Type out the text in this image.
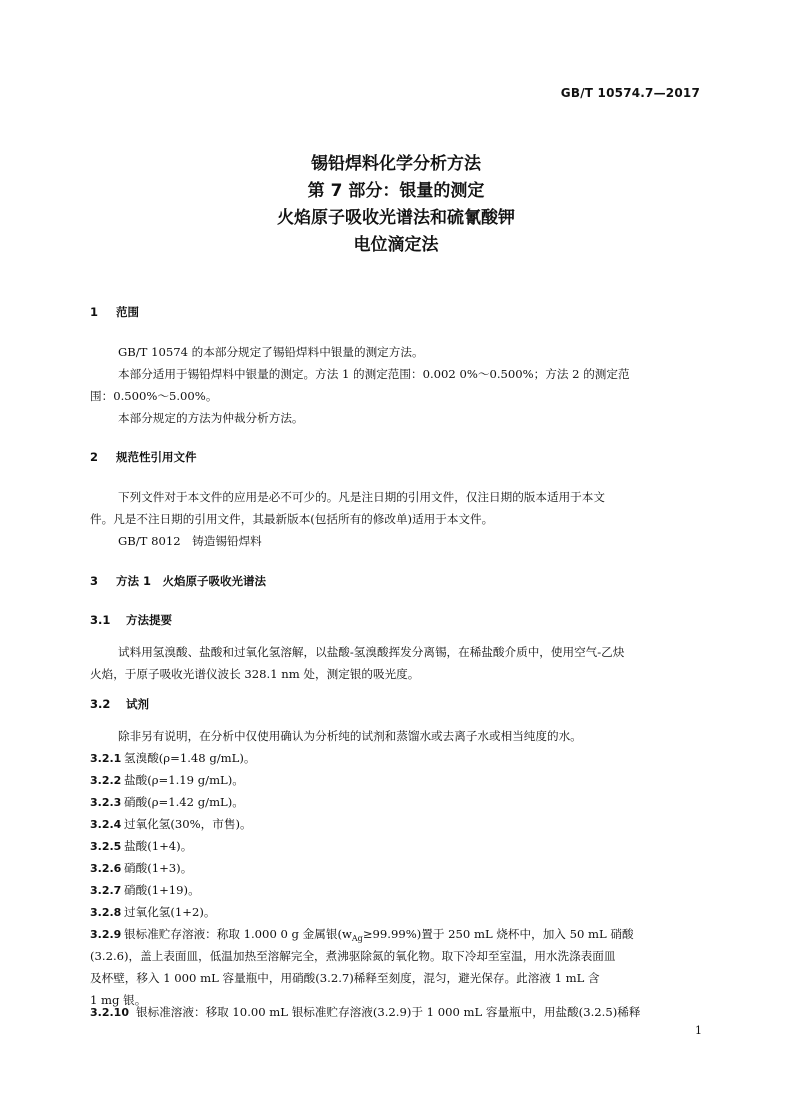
GB/T 10574.7—2017
锡铅焊料化学分析方法
第 7 部分：银量的测定
火焰原子吸收光谱法和硫氰酸钾
电位滴定法
1 范围
GB/T 10574 的本部分规定了锡铅焊料中银量的测定方法。
本部分适用于锡铅焊料中银量的测定。方法 1 的测定范围：0.002 0%～0.500%；方法 2 的测定范
围：0.500%～5.00%。
本部分规定的方法为仲裁分析方法。
2 规范性引用文件
下列文件对于本文件的应用是必不可少的。凡是注日期的引用文件，仅注日期的版本适用于本文
件。凡是不注日期的引用文件，其最新版本(包括所有的修改单)适用于本文件。
GB/T 8012　铸造锡铅焊料
3 方法 1　火焰原子吸收光谱法
3.1 方法提要
试料用氢溴酸、盐酸和过氧化氢溶解，以盐酸-氢溴酸挥发分离锡，在稀盐酸介质中，使用空气-乙炔
火焰，于原子吸收光谱仪波长 328.1 nm 处，测定银的吸光度。
3.2 试剂
除非另有说明，在分析中仅使用确认为分析纯的试剂和蒸馏水或去离子水或相当纯度的水。
3.2.1 氢溴酸(ρ=1.48 g/mL)。
3.2.2 盐酸(ρ=1.19 g/mL)。
3.2.3 硝酸(ρ=1.42 g/mL)。
3.2.4 过氧化氢(30%，市售)。
3.2.5 盐酸(1+4)。
3.2.6 硝酸(1+3)。
3.2.7 硝酸(1+19)。
3.2.8 过氧化氢(1+2)。
3.2.9 银标准贮存溶液：称取 1.000 0 g 金属银$(w_{Ag}\ge 99.99\%)$置于 250 mL 烧杯中，加入 50 mL 硝酸
(3.2.6)，盖上表面皿，低温加热至溶解完全，煮沸驱除氮的氧化物。取下冷却至室温，用水洗涤表面皿
及杯壁，移入 1 000 mL 容量瓶中，用硝酸(3.2.7)稀释至刻度，混匀，避光保存。此溶液 1 mL 含
1 mg 银。
3.2.10 银标准溶液：移取 10.00 mL 银标准贮存溶液(3.2.9)于 1 000 mL 容量瓶中，用盐酸(3.2.5)稀释
1
